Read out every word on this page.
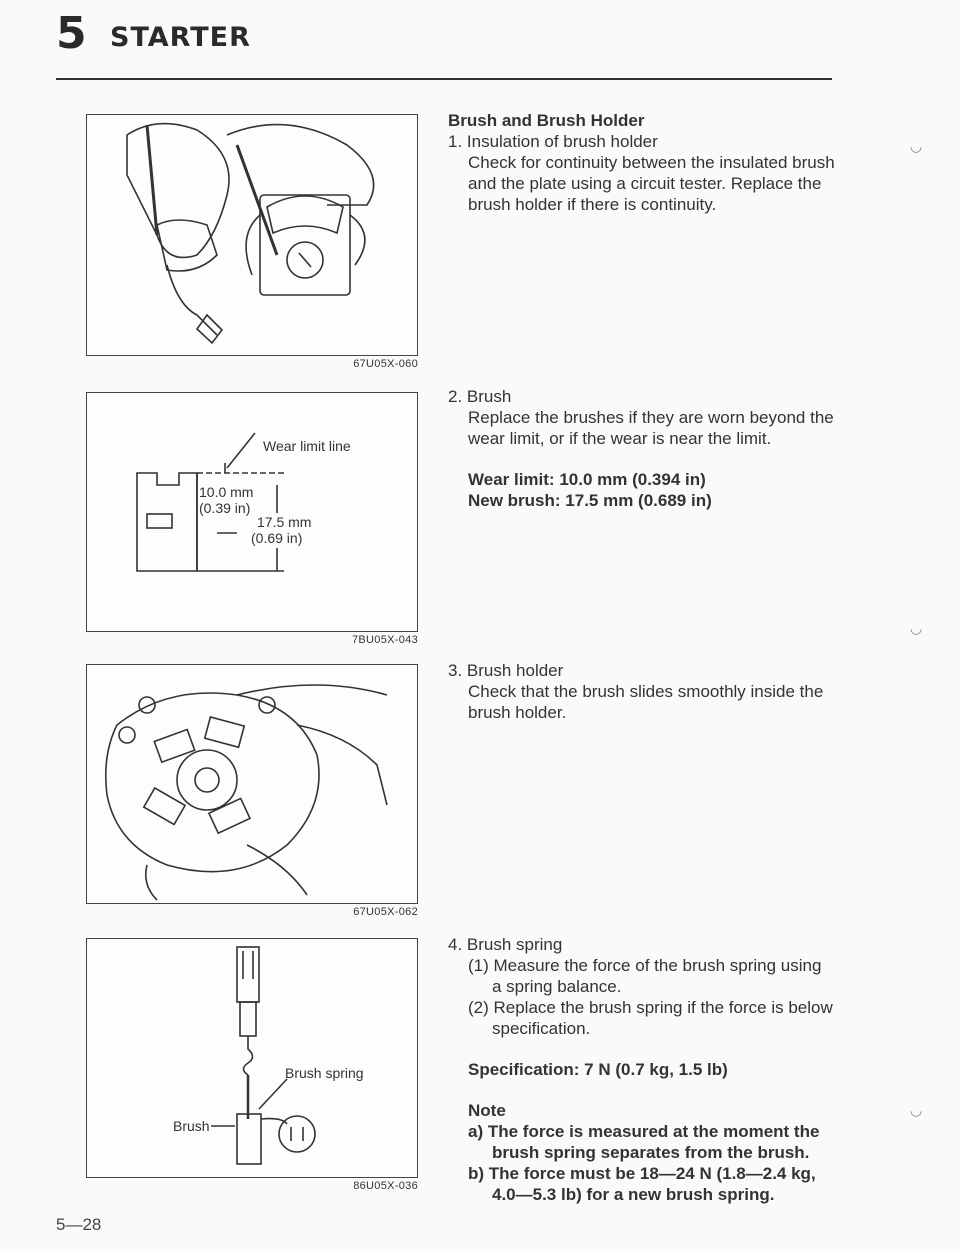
5 STARTER
67U05X-060
Wear limit line
10.0 mm
(0.39 in)
17.5 mm
(0.69 in)
7BU05X-043
67U05X-062
Brush spring
Brush
86U05X-036
Brush and Brush Holder
1. Insulation of brush holder
Check for continuity between the insulated brush
and the plate using a circuit tester. Replace the
brush holder if there is continuity.
2. Brush
Replace the brushes if they are worn beyond the
wear limit, or if the wear is near the limit.
Wear limit: 10.0 mm (0.394 in)
New brush: 17.5 mm (0.689 in)
3. Brush holder
Check that the brush slides smoothly inside the
brush holder.
4. Brush spring
(1) Measure the force of the brush spring using
a spring balance.
(2) Replace the brush spring if the force is below
specification.
Specification: 7 N (0.7 kg, 1.5 lb)
Note
a) The force is measured at the moment the
brush spring separates from the brush.
b) The force must be 18—24 N (1.8—2.4 kg,
4.0—5.3 lb) for a new brush spring.
◡
◡
◡
5—28
